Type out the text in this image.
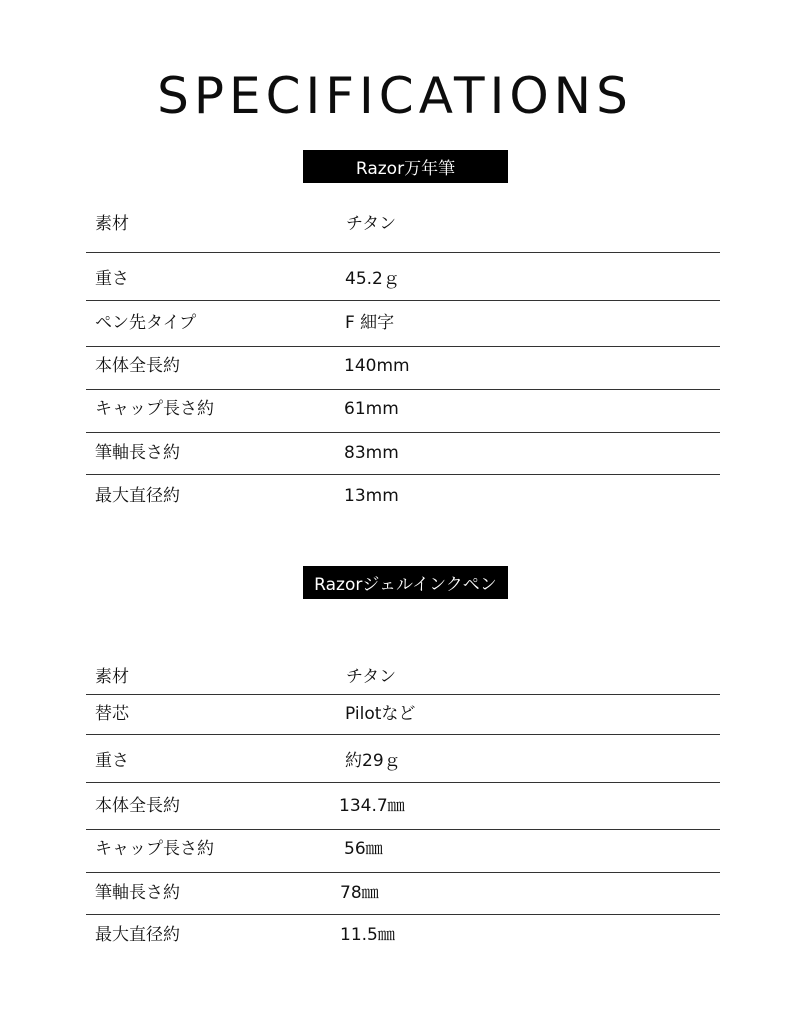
SPECIFICATIONS
Razor万年筆
素材	チタン
重さ	45.2ｇ
ペン先タイプ	F 細字
本体全長約	140mm
キャップ長さ約	61mm
筆軸長さ約	83mm
最大直径約	13mm
Razorジェルインクペン
素材	チタン
替芯	Pilotなど
重さ	約29ｇ
本体全長約	134.7㎜
キャップ長さ約	56㎜
筆軸長さ約	78㎜
最大直径約	11.5㎜
